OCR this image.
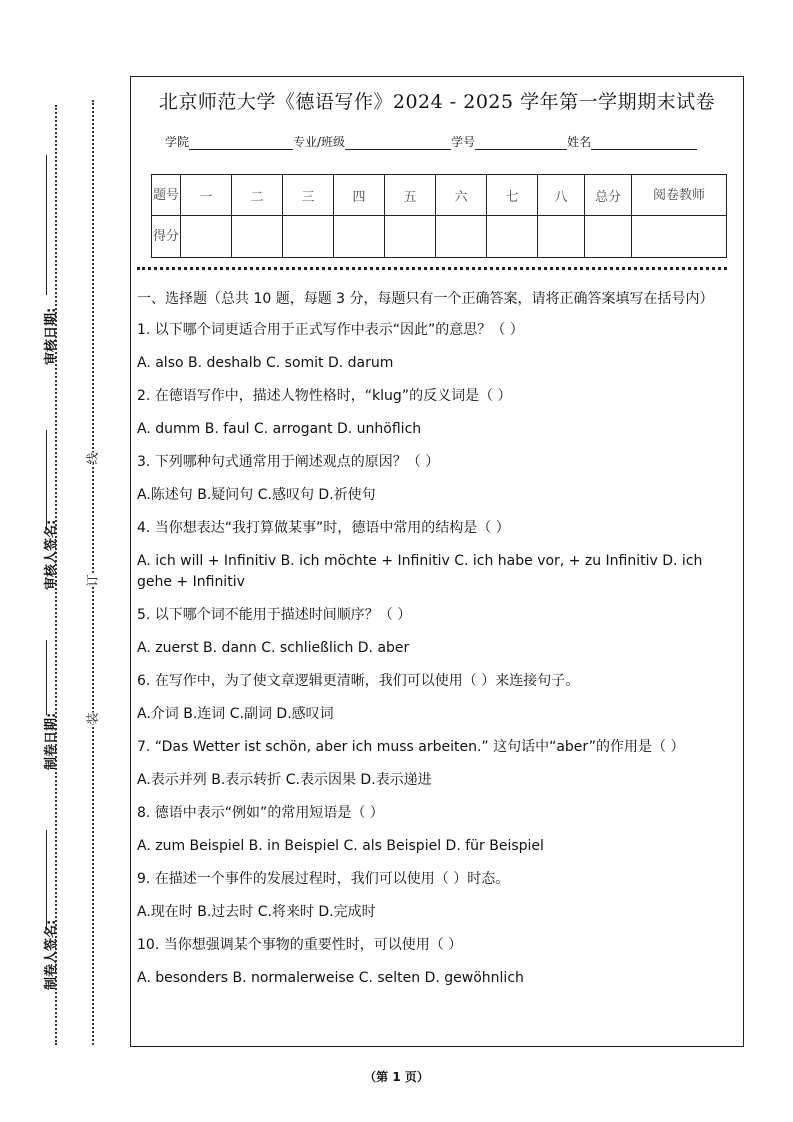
审核日期:
审核人签名:
制卷日期:
制卷人签名:
线
订
装
北京师范大学《德语写作》2024 - 2025 学年第一学期期末试卷
学院	专业/班级	学号	姓名
题号	一	二	三	四	五	六	七	八	总分	阅卷教师
得分										

一、选择题（总共 10 题，每题 3 分，每题只有一个正确答案，请将正确答案填写在括号内）

1. 以下哪个词更适合用于正式写作中表示“因此”的意思？（ ）

A. also B. deshalb C. somit D. darum

2. 在德语写作中，描述人物性格时，“klug”的反义词是（ ）

A. dumm B. faul C. arrogant D. unhöflich

3. 下列哪种句式通常用于阐述观点的原因？（ ）

A.陈述句 B.疑问句 C.感叹句 D.祈使句

4. 当你想表达“我打算做某事”时，德语中常用的结构是（ ）

A. ich will + Infinitiv B. ich möchte + Infinitiv C. ich habe vor, + zu Infinitiv D. ich gehe + Infinitiv

5. 以下哪个词不能用于描述时间顺序？（ ）

A. zuerst B. dann C. schließlich D. aber

6. 在写作中，为了使文章逻辑更清晰，我们可以使用（ ）来连接句子。

A.介词 B.连词 C.副词 D.感叹词

7. “Das Wetter ist schön, aber ich muss arbeiten.” 这句话中“aber”的作用是（ ）

A.表示并列 B.表示转折 C.表示因果 D.表示递进

8. 德语中表示“例如”的常用短语是（ ）

A. zum Beispiel B. in Beispiel C. als Beispiel D. für Beispiel

9. 在描述一个事件的发展过程时，我们可以使用（ ）时态。

A.现在时 B.过去时 C.将来时 D.完成时

10. 当你想强调某个事物的重要性时，可以使用（ ）

A. besonders B. normalerweise C. selten D. gewöhnlich

（第 1 页）
